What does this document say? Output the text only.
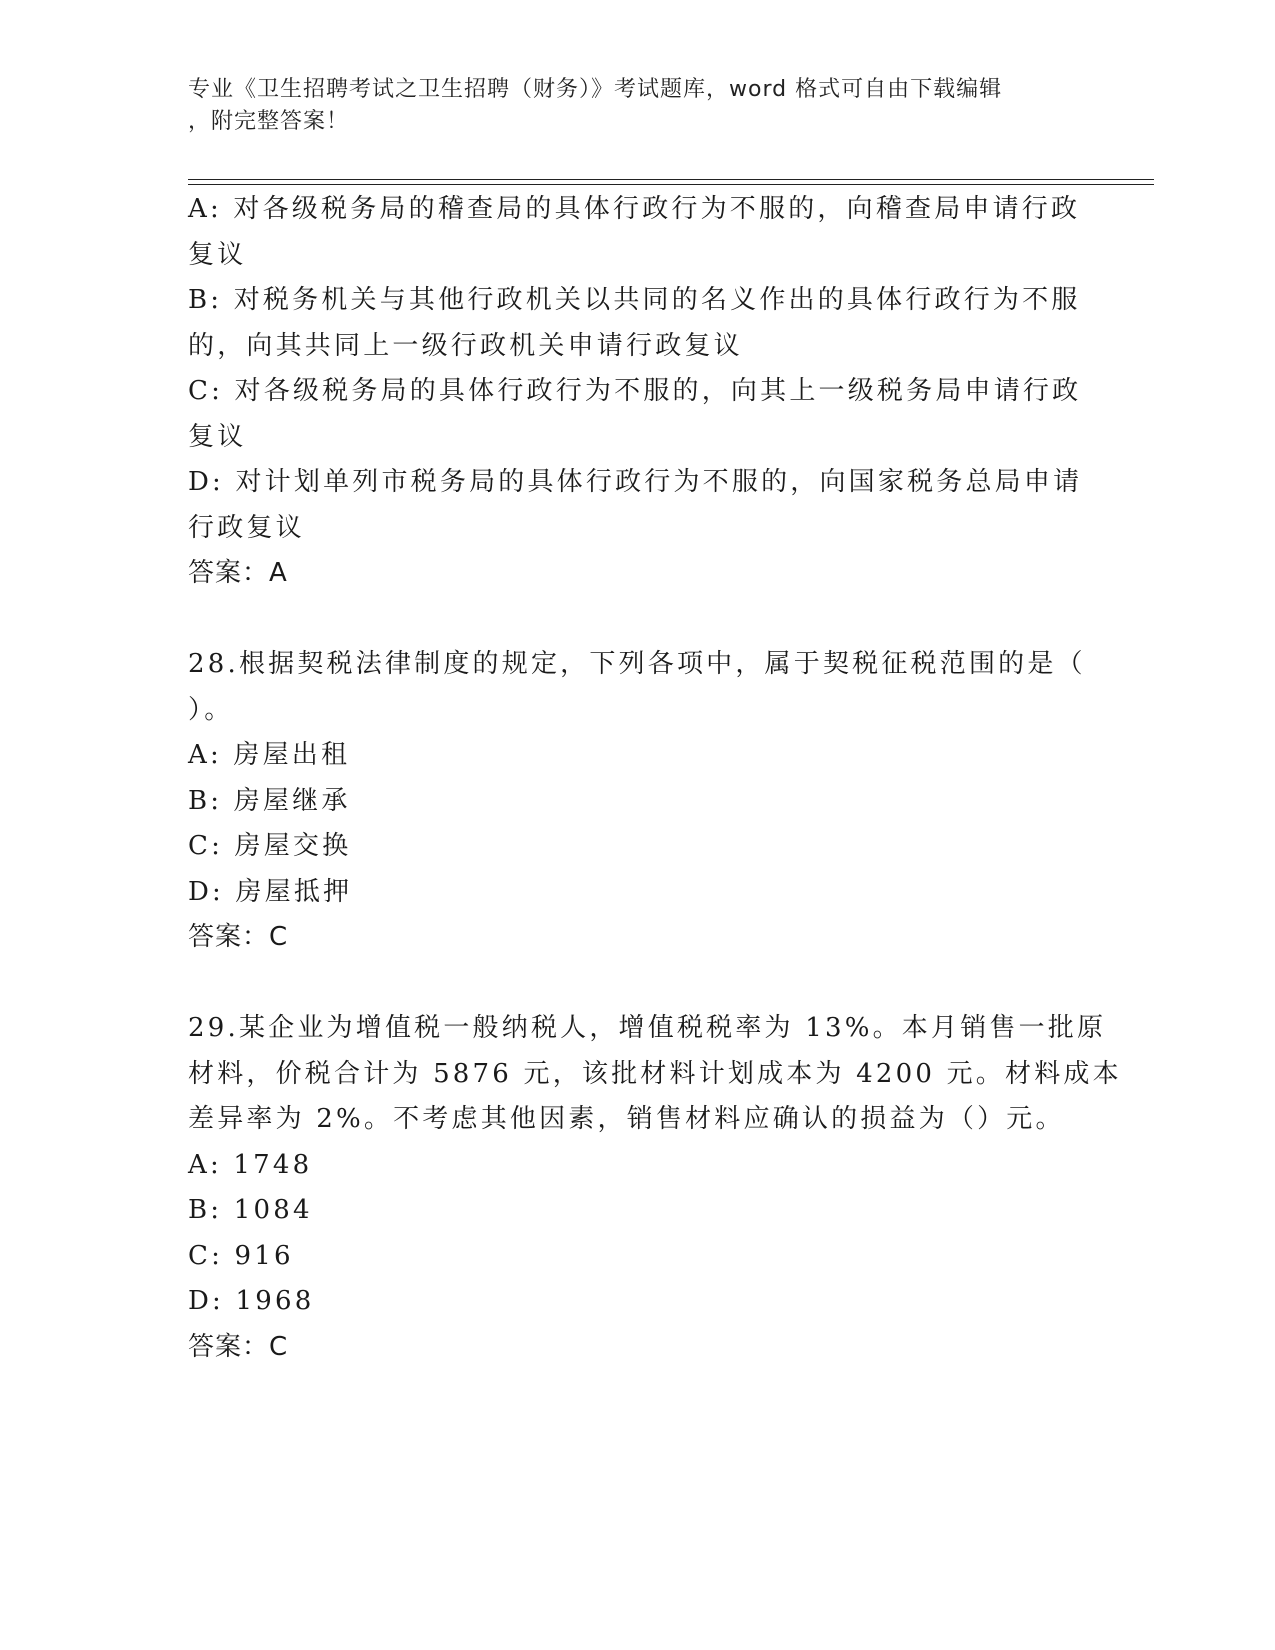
专业《卫生招聘考试之卫生招聘（财务）》考试题库，word 格式可自由下载编辑
，附完整答案！
A: 对各级税务局的稽查局的具体行政行为不服的，向稽查局申请行政
复议
B: 对税务机关与其他行政机关以共同的名义作出的具体行政行为不服
的，向其共同上一级行政机关申请行政复议
C: 对各级税务局的具体行政行为不服的，向其上一级税务局申请行政
复议
D: 对计划单列市税务局的具体行政行为不服的，向国家税务总局申请
行政复议
答案：A
28.根据契税法律制度的规定，下列各项中，属于契税征税范围的是（
）。
A: 房屋出租
B: 房屋继承
C: 房屋交换
D: 房屋抵押
答案：C
29.某企业为增值税一般纳税人，增值税税率为 13%。本月销售一批原
材料，价税合计为 5876 元，该批材料计划成本为 4200 元。材料成本
差异率为 2%。不考虑其他因素，销售材料应确认的损益为（）元。
A: 1748
B: 1084
C: 916
D: 1968
答案：C
